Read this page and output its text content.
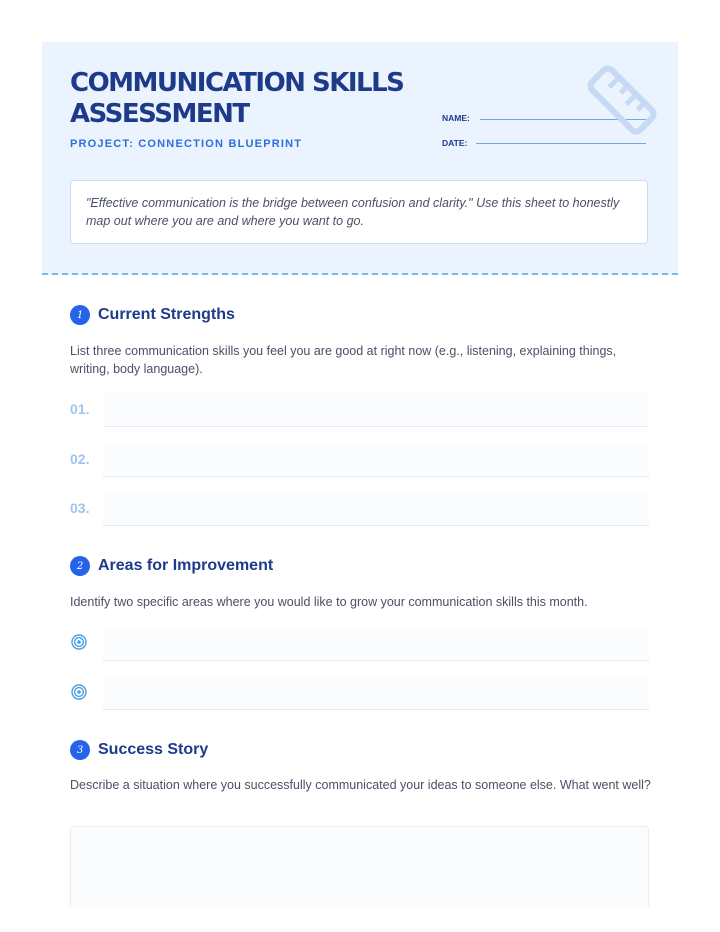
COMMUNICATION SKILLS
ASSESSMENT
PROJECT: CONNECTION BLUEPRINT
NAME:
DATE:
"Effective communication is the bridge between confusion and clarity." Use this sheet to honestly map out where you are and where you want to go.
1 Current Strengths

List three communication skills you feel you are good at right now (e.g., listening, explaining things, writing, body language).

01.
02.
03.
2 Areas for Improvement

Identify two specific areas where you would like to grow your communication skills this month.

3 Success Story

Describe a situation where you successfully communicated your ideas to someone else. What went well?
